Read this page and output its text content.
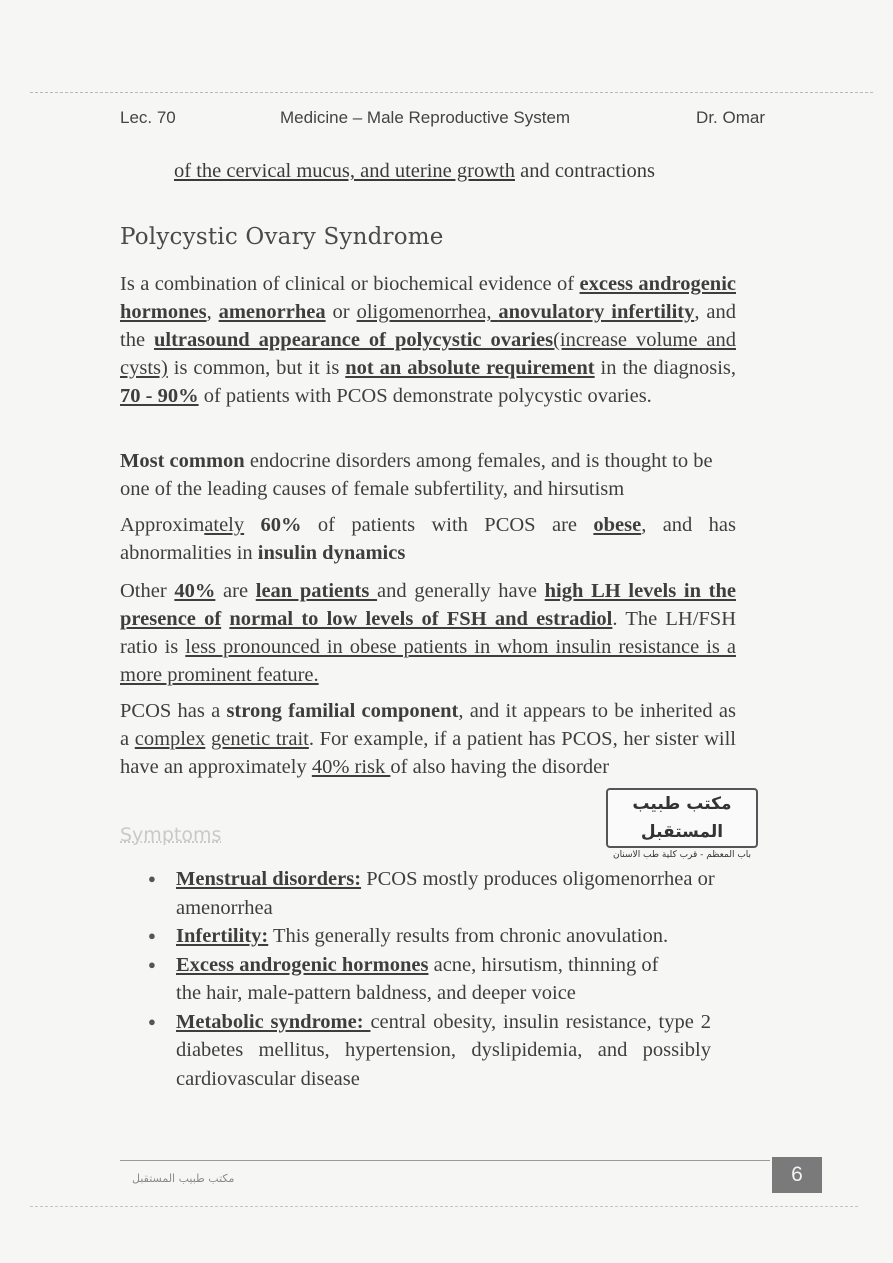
Lec. 70	Medicine – Male Reproductive System	Dr. Omar
of the cervical mucus, and uterine growth and contractions
Polycystic Ovary Syndrome
Is a combination of clinical or biochemical evidence of excess androgenic hormones, amenorrhea or oligomenorrhea, anovulatory infertility, and the ultrasound appearance of polycystic ovaries(increase volume and cysts) is common, but it is not an absolute requirement in the diagnosis, 70 - 90% of patients with PCOS demonstrate polycystic ovaries.
Most common endocrine disorders among females, and is thought to be one of the leading causes of female subfertility, and hirsutism
Approximately 60% of patients with PCOS are obese, and has abnormalities in insulin dynamics
Other 40% are lean patients and generally have high LH levels in the presence of normal to low levels of FSH and estradiol. The LH/FSH ratio is less pronounced in obese patients in whom insulin resistance is a more prominent feature.
PCOS has a strong familial component, and it appears to be inherited as a complex genetic trait. For example, if a patient has PCOS, her sister will have an approximately 40% risk of also having the disorder
مكتب طبيب المستقبل
باب المعظم - قرب كلية طب الاسنان
Symptoms
● Menstrual disorders: PCOS mostly produces oligomenorrhea or amenorrhea
● Infertility: This generally results from chronic anovulation.
● Excess androgenic hormones acne, hirsutism, thinning of the hair, male-pattern baldness, and deeper voice
● Metabolic syndrome: central obesity, insulin resistance, type 2 diabetes mellitus, hypertension, dyslipidemia, and possibly cardiovascular disease
مكتب طبيب المستقبل	6
